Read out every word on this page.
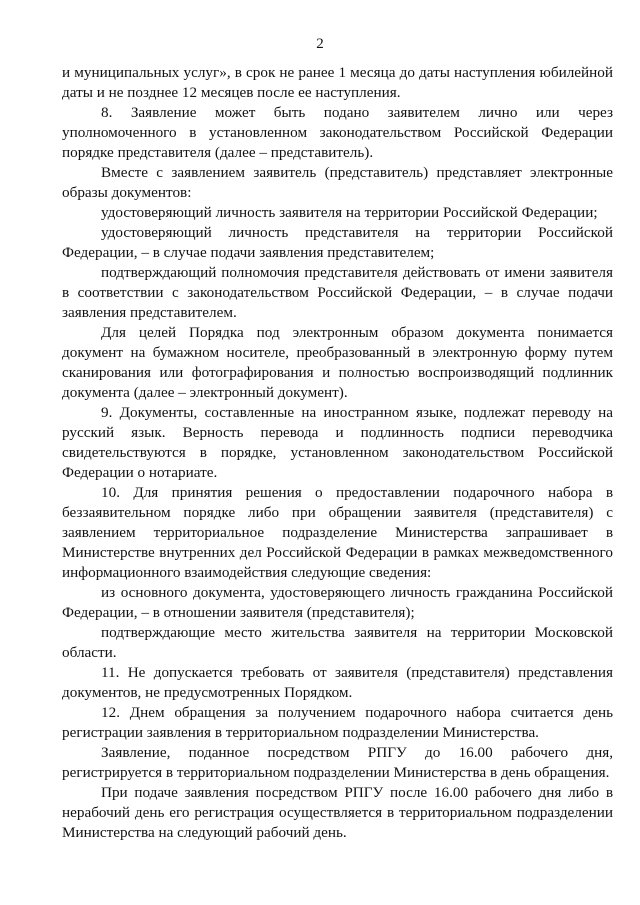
2

и муниципальных услуг», в срок не ранее 1 месяца до даты наступления юбилейной даты и не позднее 12 месяцев после ее наступления.

8. Заявление может быть подано заявителем лично или через уполномоченного в установленном законодательством Российской Федерации порядке представителя (далее – представитель).

Вместе с заявлением заявитель (представитель) представляет электронные образы документов:

удостоверяющий личность заявителя на территории Российской Федерации;

удостоверяющий личность представителя на территории Российской Федерации, – в случае подачи заявления представителем;

подтверждающий полномочия представителя действовать от имени заявителя в соответствии с законодательством Российской Федерации, – в случае подачи заявления представителем.

Для целей Порядка под электронным образом документа понимается документ на бумажном носителе, преобразованный в электронную форму путем сканирования или фотографирования и полностью воспроизводящий подлинник документа (далее – электронный документ).

9. Документы, составленные на иностранном языке, подлежат переводу на русский язык. Верность перевода и подлинность подписи переводчика свидетельствуются в порядке, установленном законодательством Российской Федерации о нотариате.

10. Для принятия решения о предоставлении подарочного набора в беззаявительном порядке либо при обращении заявителя (представителя) с заявлением территориальное подразделение Министерства запрашивает в Министерстве внутренних дел Российской Федерации в рамках межведомственного информационного взаимодействия следующие сведения:

из основного документа, удостоверяющего личность гражданина Российской Федерации, – в отношении заявителя (представителя);

подтверждающие место жительства заявителя на территории Московской области.

11. Не допускается требовать от заявителя (представителя) представления документов, не предусмотренных Порядком.

12. Днем обращения за получением подарочного набора считается день регистрации заявления в территориальном подразделении Министерства.

Заявление, поданное посредством РПГУ до 16.00 рабочего дня, регистрируется в территориальном подразделении Министерства в день обращения.

При подаче заявления посредством РПГУ после 16.00 рабочего дня либо в нерабочий день его регистрация осуществляется в территориальном подразделении Министерства на следующий рабочий день.
